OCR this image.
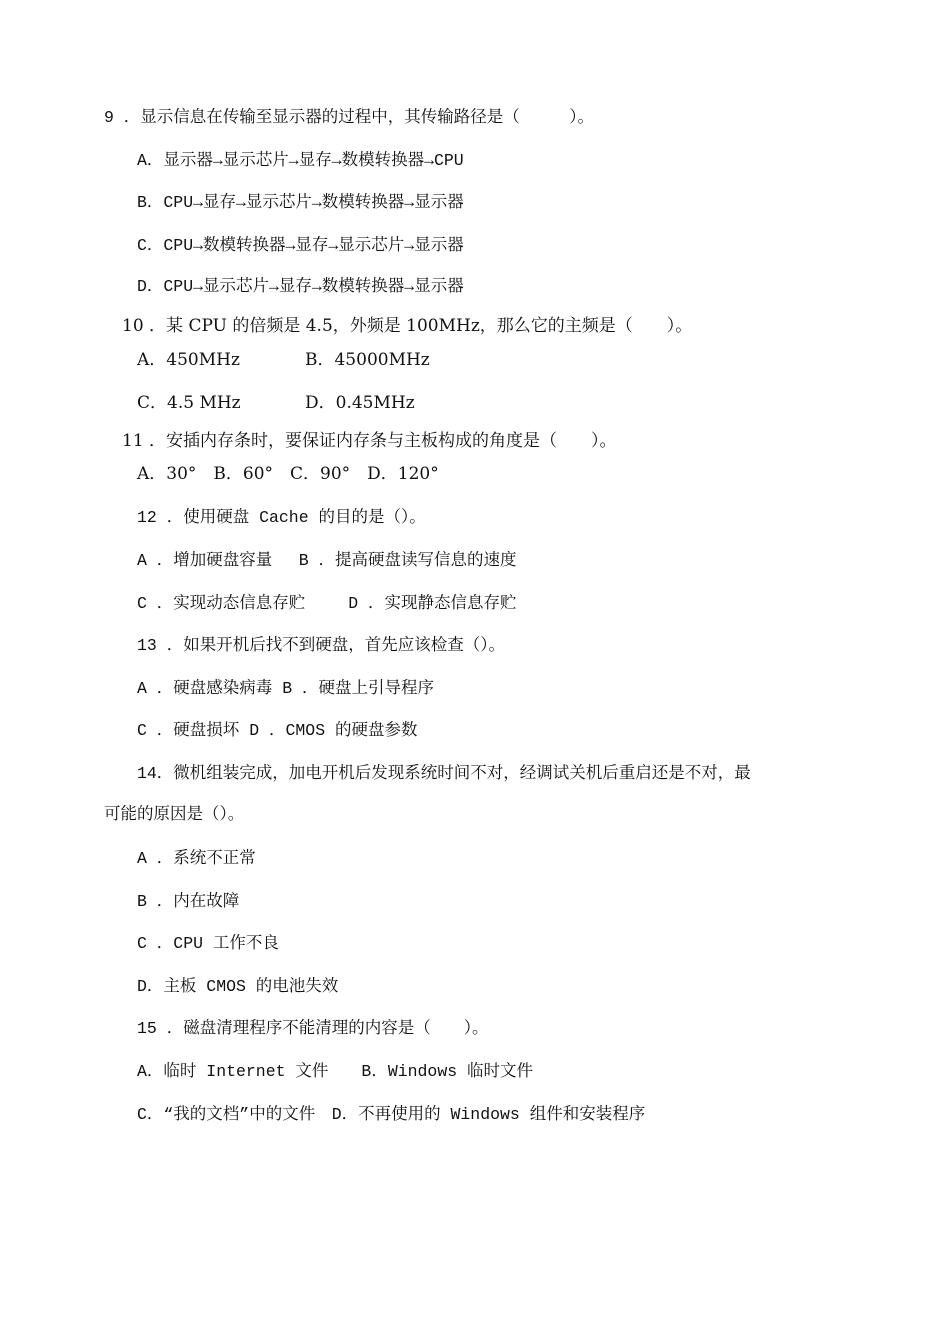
9 ．显示信息在传输至显示器的过程中，其传输路径是（　　　）。
A．显示器→显示芯片→显存→数模转换器→CPU
B．CPU→显存→显示芯片→数模转换器→显示器
C．CPU→数模转换器→显存→显示芯片→显示器
D．CPU→显示芯片→显存→数模转换器→显示器
10 ．某 CPU 的倍频是 4.5，外频是 100MHz，那么它的主频是（　　）。
A．450MHz	B．45000MHz
C．4.5 MHz	D．0.45MHz
11 ．安插内存条时，要保证内存条与主板构成的角度是（　　）。
A．30°　B．60°　C．90°　D．120°
12 ．使用硬盘 Cache 的目的是（）。
A ．增加硬盘容量　 B ．提高硬盘读写信息的速度
C ．实现动态信息存贮　　 D ．实现静态信息存贮
13 ．如果开机后找不到硬盘，首先应该检查（）。
A ．硬盘感染病毒 B ．硬盘上引导程序
C ．硬盘损坏 D ．CMOS 的硬盘参数
14．微机组装完成，加电开机后发现系统时间不对，经调试关机后重启还是不对，最
可能的原因是（）。
A ．系统不正常
B ．内在故障
C ．CPU 工作不良
D．主板 CMOS 的电池失效
15 ．磁盘清理程序不能清理的内容是（　　）。
A．临时 Internet 文件　　B．Windows 临时文件
C．“我的文档”中的文件　D．不再使用的 Windows 组件和安装程序
